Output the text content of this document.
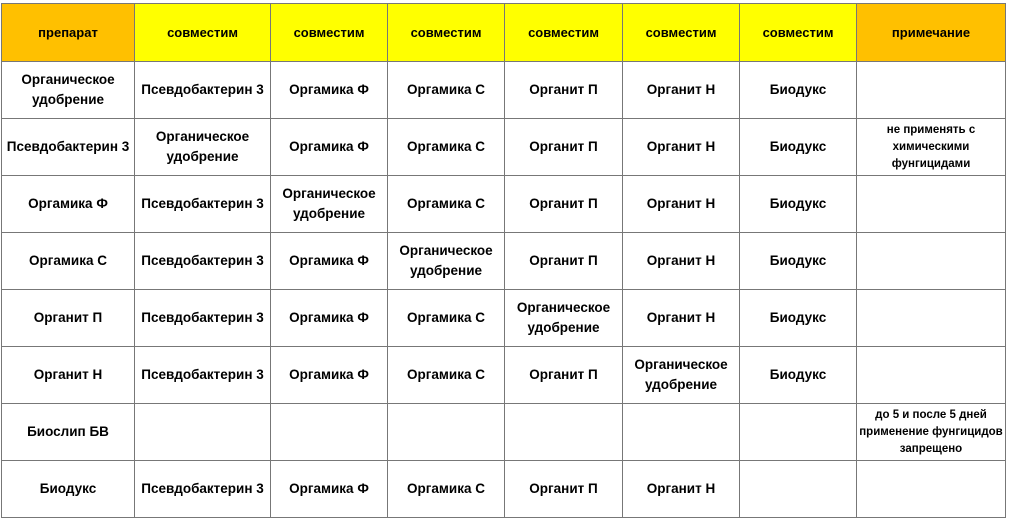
препарат	совместим	совместим	совместим	совместим	совместим	совместим	примечание
Органическое удобрение	Псевдобактерин 3	Оргамика Ф	Оргамика С	Органит П	Органит Н	Биодукс	
Псевдобактерин 3	Органическое удобрение	Оргамика Ф	Оргамика С	Органит П	Органит Н	Биодукс	не применять с химическими фунгицидами
Оргамика Ф	Псевдобактерин 3	Органическое удобрение	Оргамика С	Органит П	Органит Н	Биодукс	
Оргамика С	Псевдобактерин 3	Оргамика Ф	Органическое удобрение	Органит П	Органит Н	Биодукс	
Органит П	Псевдобактерин 3	Оргамика Ф	Оргамика С	Органическое удобрение	Органит Н	Биодукс	
Органит Н	Псевдобактерин 3	Оргамика Ф	Оргамика С	Органит П	Органическое удобрение	Биодукс	
Биослип БВ							до 5 и после 5 дней применение фунгицидов запрещено
Биодукс	Псевдобактерин 3	Оргамика Ф	Оргамика С	Органит П	Органит Н		
